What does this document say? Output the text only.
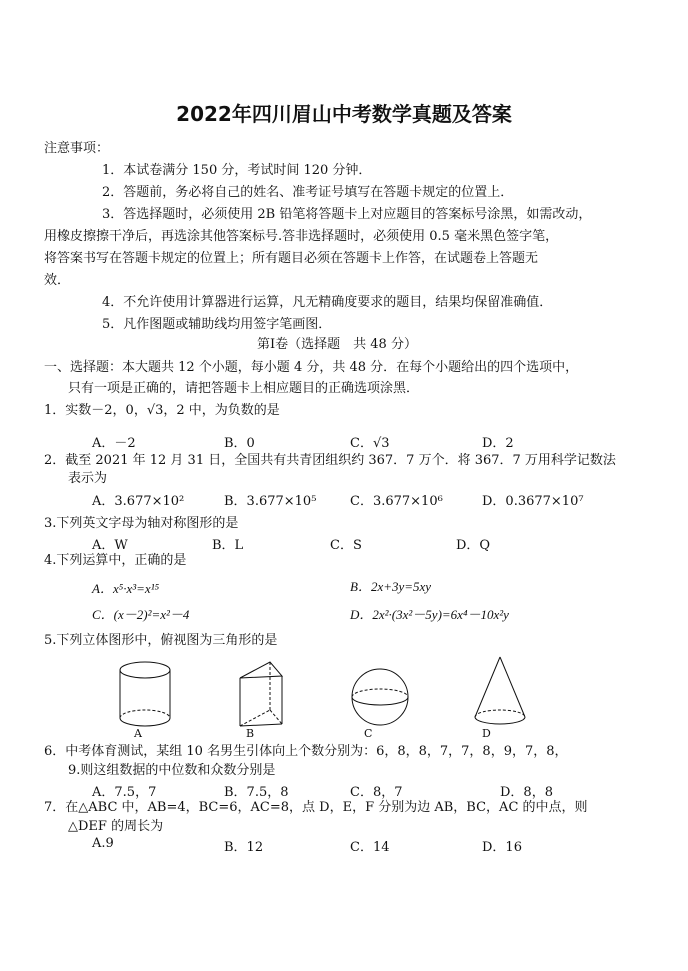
2022年四川眉山中考数学真题及答案
注意事项：
1．本试卷满分 150 分，考试时间 120 分钟．
2．答题前，务必将自己的姓名、准考证号填写在答题卡规定的位置上．
3．答选择题时，必须使用 2B 铅笔将答题卡上对应题目的答案标号涂黑，如需改动，
用橡皮擦擦干净后，再选涂其他答案标号.答非选择题时，必须使用 0.5 毫米黑色签字笔，
将答案书写在答题卡规定的位置上；所有题目必须在答题卡上作答，在试题卷上答题无
效．
4．不允许使用计算器进行运算，凡无精确度要求的题目，结果均保留准确值．
5．凡作图题或辅助线均用签字笔画图．
第Ⅰ卷（选择题　共 48 分）
一、选择题：本大题共 12 个小题，每小题 4 分，共 48 分．在每个小题给出的四个选项中，
只有一项是正确的，请把答题卡上相应题目的正确选项涂黑．
1．实数－2，0，√3，2 中，为负数的是
A．－2	B．0	C．√3	D．2
2．截至 2021 年 12 月 31 日，全国共有共青团组织约 367．7 万个．将 367．7 万用科学记数法
表示为
A．3.677×10²	B．3.677×10⁵	C．3.677×10⁶	D．0.3677×10⁷
3.下列英文字母为轴对称图形的是
A．W	B．L	C．S	D．Q
4.下列运算中，正确的是
A．x⁵·x³=x¹⁵	B．2x+3y=5xy
C．(x－2)²=x²－4	D．2x²·(3x²－5y)=6x⁴－10x²y
5.下列立体图形中，俯视图为三角形的是
A	B	C	D
6．中考体育测试，某组 10 名男生引体向上个数分别为：6，8，8，7，7，8，9，7，8，
9.则这组数据的中位数和众数分别是
A．7.5，7	B．7.5，8	C．8，7	D．8，8
7．在△ABC 中，AB=4，BC=6，AC=8，点 D，E，F 分别为边 AB，BC，AC 的中点，则
△DEF 的周长为
A.9	B．12	C．14	D．16
